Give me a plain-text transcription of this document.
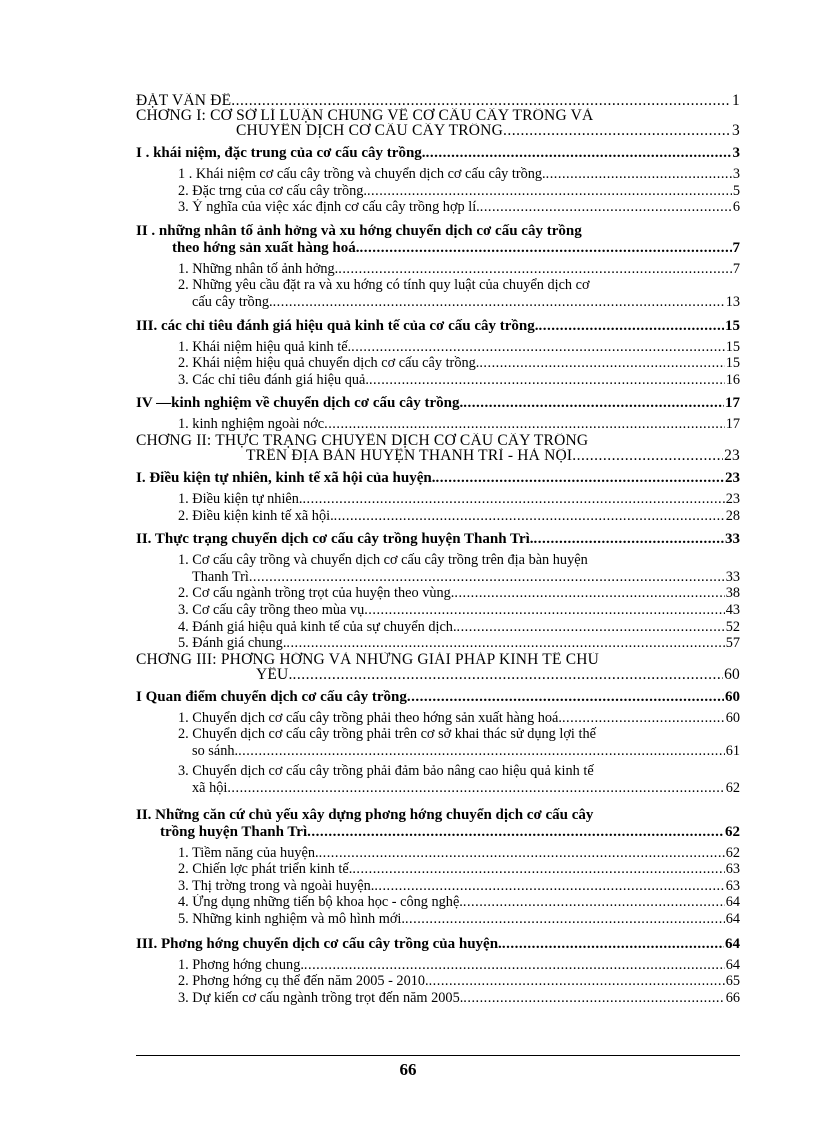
ĐẶT VẤN ĐỀ .....	1
CHƠNG I: CƠ SỞ LÍ LUẬN CHUNG VỀ CƠ CẤU CÂY TRỒNG VÀ
CHUYỂN DỊCH CƠ CẤU CÂY TRỒNG .....	3
I . khái niệm, đặc trung của cơ cấu cây trồng. .....	3
1 . Khái niệm cơ cấu cây trồng và chuyển dịch cơ cấu cây trồng. .....	3
2. Đặc trng của cơ cấu cây trồng. .....	5
3. Ý nghĩa của việc xác định cơ cấu cây trồng hợp lí. .....	6
II . những nhân tố ảnh hởng và xu hớng chuyển dịch cơ cấu cây trồng
theo hớng sản xuất hàng hoá. .....	7
1. Những nhân tố ảnh hởng. .....	7
2. Những yêu cầu đặt ra và xu hớng có tính quy luật của chuyển dịch cơ
cấu cây trồng. .....	13
III. các chỉ tiêu đánh giá hiệu quả kinh tế của cơ cấu cây trồng. .....	15
1. Khái niệm hiệu quả kinh tế. .....	15
2. Khái niệm hiệu quả chuyển dịch cơ cấu cây trồng. .....	15
3. Các chỉ tiêu đánh giá hiệu quả. .....	16
IV —kinh nghiệm về chuyển dịch cơ cấu cây trồng. .....	17
1. kinh nghiệm ngoài nớc .....	17
CHƠNG II: THỰC TRẠNG CHUYỂN DỊCH CƠ CẤU CÂY TRỒNG
TRÊN ĐỊA BÀN HUYỆN THANH TRÌ - HÀ NỘI .....	23
I. Điều kiện tự nhiên, kinh tế xã hội của huyện. .....	23
1. Điều kiện tự nhiên. .....	23
2. Điều kiện kinh tế xã hội. .....	28
II. Thực trạng chuyển dịch cơ cấu cây trồng huyện Thanh Trì. .....	33
1. Cơ cấu cây trồng và chuyển dịch cơ cấu cây trồng trên địa bàn huyện
Thanh Trì .....	33
2. Cơ cấu ngành trồng trọt của huyện theo vùng. .....	38
3. Cơ cấu cây trồng theo mùa vụ .....	43
4. Đánh giá hiệu quả kinh tế của sự chuyển dịch. .....	52
5. Đánh giá chung. .....	57
CHƠNG III: PHƠNG HỚNG VÀ NHỮNG GIẢI PHÁP KINH TẾ CHỦ
YẾU. .....	60
I Quan điểm chuyển dịch cơ cấu cây trồng .....	60
1. Chuyển dịch cơ cấu cây trồng phải theo hớng sản xuất hàng hoá. .....	60
2. Chuyển dịch cơ cấu cây trồng phải trên cơ sở khai thác sử dụng lợi thế
so sánh. .....	61
3. Chuyển dịch cơ cấu cây trồng phải đảm bảo nâng cao hiệu quả kinh tế
xã hội .....	62
II. Những căn cứ chủ yếu xây dựng phơng hớng chuyển dịch cơ cấu cây
trồng huyện Thanh Trì .....	62
1. Tiềm năng của huyện. .....	62
2. Chiến lợc phát triển kinh tế. .....	63
3. Thị trờng trong và ngoài huyện. .....	63
4. Ứng dụng những tiến bộ khoa học - công nghệ. .....	64
5. Những kinh nghiệm và mô hình mới. .....	64
III. Phơng hớng chuyển dịch cơ cấu cây trồng của huyện. .....	64
1. Phơng hớng chung. .....	64
2. Phơng hớng cụ thể đến năm 2005 - 2010. .....	65
3. Dự kiến cơ cấu ngành trồng trọt đến năm 2005. .....	66
66
